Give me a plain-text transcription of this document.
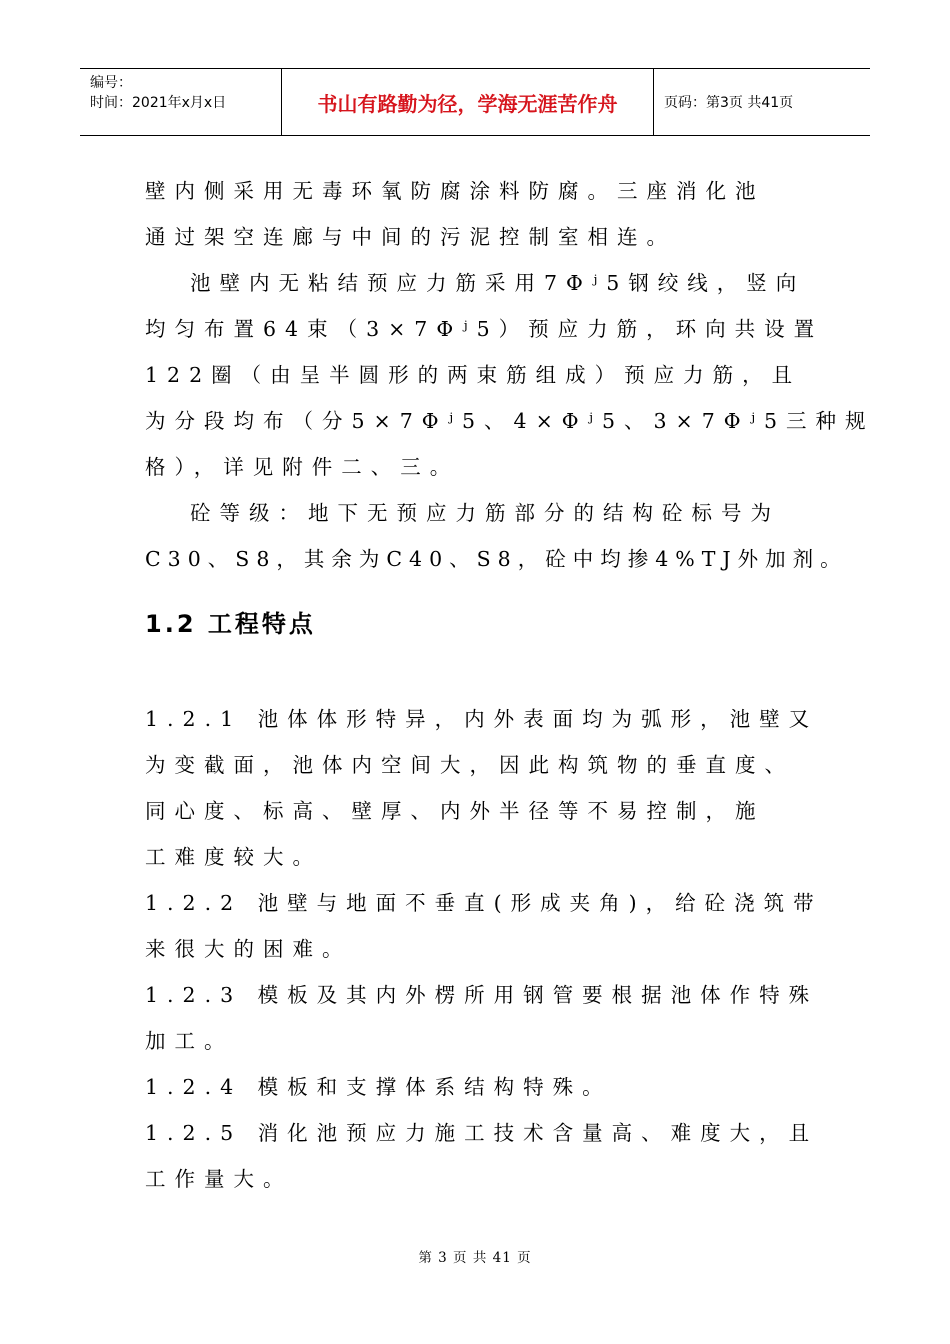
编号：
时间：2021年x月x日	书山有路勤为径，学海无涯苦作舟	页码：第3页 共41页
壁内侧采用无毒环氧防腐涂料防腐。三座消化池
通过架空连廊与中间的污泥控制室相连。
池壁内无粘结预应力筋采用7Φʲ5钢绞线，竖向
均匀布置64束（3×7Φʲ5）预应力筋，环向共设置
122圈（由呈半圆形的两束筋组成）预应力筋，且
为分段均布（分5×7Φʲ5、4×Φʲ5、3×7Φʲ5三种规
格），详见附件二、三。
砼等级：地下无预应力筋部分的结构砼标号为
C30、S8，其余为C40、S8，砼中均掺4%TJ外加剂。
1.2 工程特点
1.2.1 池体体形特异，内外表面均为弧形，池壁又
为变截面，池体内空间大，因此构筑物的垂直度、
同心度、标高、壁厚、内外半径等不易控制，施
工难度较大。
1.2.2 池壁与地面不垂直(形成夹角)，给砼浇筑带
来很大的困难。
1.2.3 模板及其内外楞所用钢管要根据池体作特殊
加工。
1.2.4 模板和支撑体系结构特殊。
1.2.5 消化池预应力施工技术含量高、难度大，且
工作量大。
第 3 页 共 41 页
